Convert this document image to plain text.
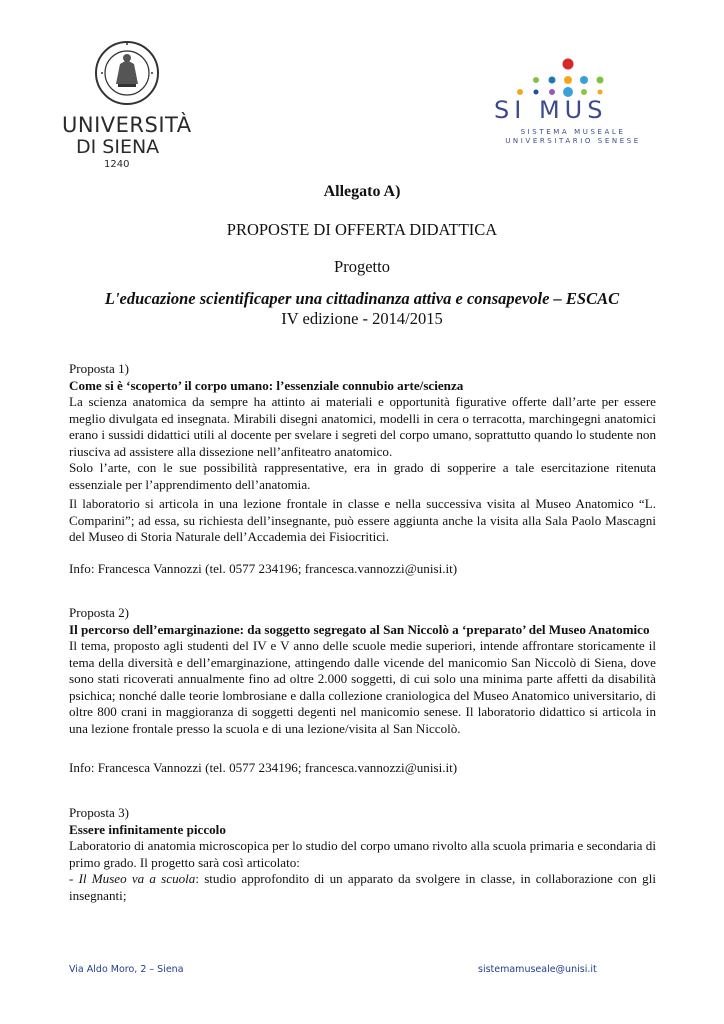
UNIVERSITÀ
DI SIENA
1240
SI MUS
SISTEMA MUSEALE
UNIVERSITARIO SENESE
Allegato A)
PROPOSTE DI OFFERTA DIDATTICA
Progetto
L'educazione scientificaper una cittadinanza attiva e consapevole – ESCAC
IV edizione - 2014/2015

Proposta 1)

Come si è ‘scoperto’ il corpo umano: l’essenziale connubio arte/scienza

La scienza anatomica da sempre ha attinto ai materiali e opportunità figurative offerte dall’arte per essere meglio divulgata ed insegnata. Mirabili disegni anatomici, modelli in cera o terracotta, marchingegni anatomici erano i sussidi didattici utili al docente per svelare i segreti del corpo umano, soprattutto quando lo studente non riusciva ad assistere alla dissezione nell’anfiteatro anatomico.

Solo l’arte, con le sue possibilità rappresentative, era in grado di sopperire a tale esercitazione ritenuta essenziale per l’apprendimento dell’anatomia.

Il laboratorio si articola in una lezione frontale in classe e nella successiva visita al Museo Anatomico “L. Comparini”; ad essa, su richiesta dell’insegnante, può essere aggiunta anche la visita alla Sala Paolo Mascagni del Museo di Storia Naturale dell’Accademia dei Fisiocritici.
Info: Francesca Vannozzi (tel. 0577 234196; francesca.vannozzi@unisi.it)

Proposta 2)

Il percorso dell’emarginazione: da soggetto segregato al San Niccolò a ‘preparato’ del Museo Anatomico

Il tema, proposto agli studenti del IV e V anno delle scuole medie superiori, intende affrontare storicamente il tema della diversità e dell’emarginazione, attingendo dalle vicende del manicomio San Niccolò di Siena, dove sono stati ricoverati annualmente fino ad oltre 2.000 soggetti, di cui solo una minima parte affetti da disabilità psichica; nonché dalle teorie lombrosiane e dalla collezione craniologica del Museo Anatomico universitario, di oltre 800 crani in maggioranza di soggetti degenti nel manicomio senese. Il laboratorio didattico si articola in una lezione frontale presso la scuola e di una lezione/visita al San Niccolò.

Info: Francesca Vannozzi (tel. 0577 234196; francesca.vannozzi@unisi.it)

Proposta 3)

Essere infinitamente piccolo

Laboratorio di anatomia microscopica per lo studio del corpo umano rivolto alla scuola primaria e secondaria di primo grado. Il progetto sarà così articolato:

- Il Museo va a scuola: studio approfondito di un apparato da svolgere in classe, in collaborazione con gli insegnanti;

Via Aldo Moro, 2 – Siena	sistemamuseale@unisi.it
